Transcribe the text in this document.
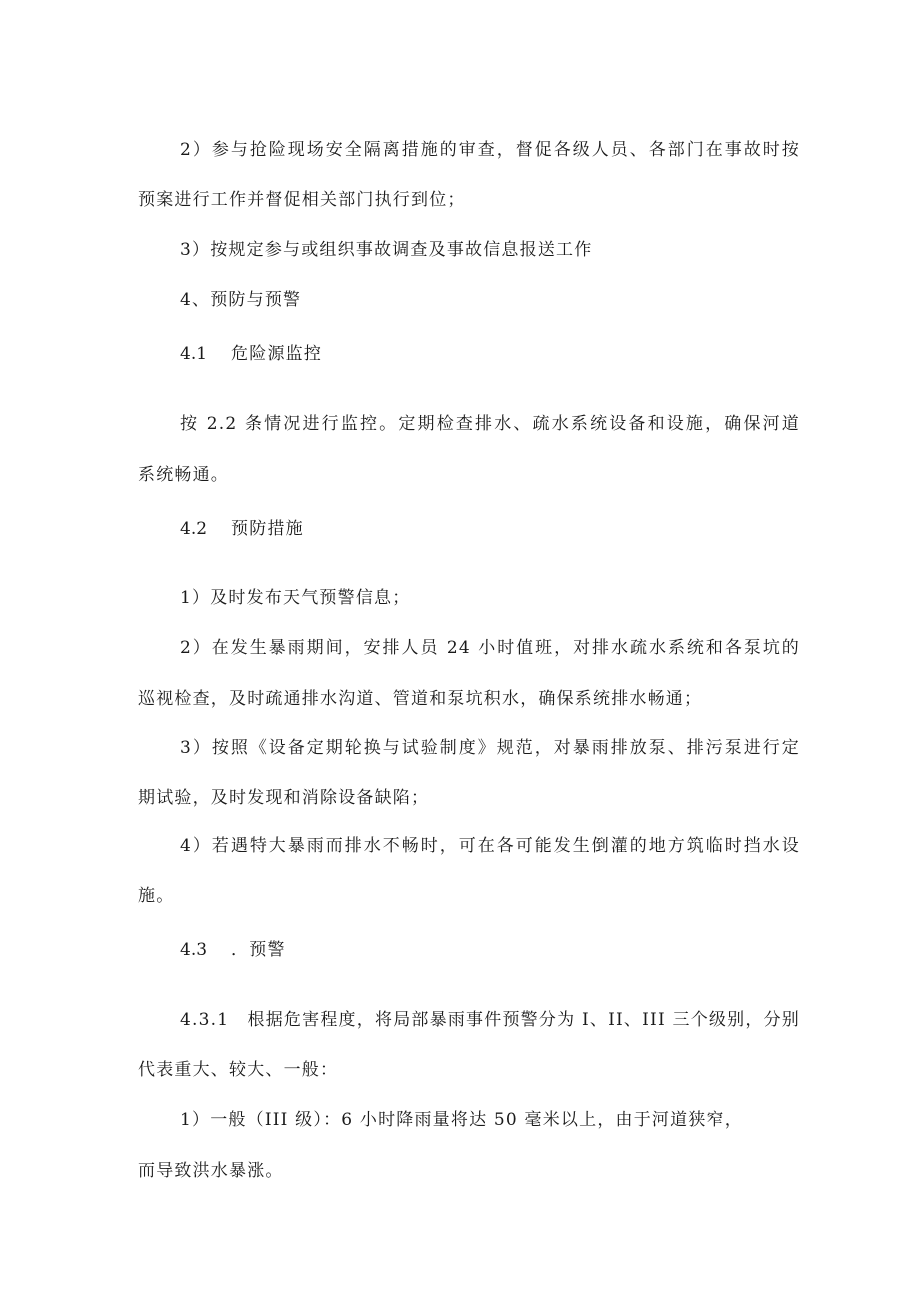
2）参与抢险现场安全隔离措施的审查，督促各级人员、各部门在事故时按
预案进行工作并督促相关部门执行到位；
3）按规定参与或组织事故调查及事故信息报送工作
4、预防与预警
4.1 危险源监控
按 2.2 条情况进行监控。定期检查排水、疏水系统设备和设施，确保河道
系统畅通。
4.2 预防措施
1）及时发布天气预警信息；
2）在发生暴雨期间，安排人员 24 小时值班，对排水疏水系统和各泵坑的
巡视检查，及时疏通排水沟道、管道和泵坑积水，确保系统排水畅通；
3）按照《设备定期轮换与试验制度》规范，对暴雨排放泵、排污泵进行定
期试验，及时发现和消除设备缺陷；
4）若遇特大暴雨而排水不畅时，可在各可能发生倒灌的地方筑临时挡水设
施。
4.3 ．预警
4.3.1　根据危害程度，将局部暴雨事件预警分为 I、II、III 三个级别，分别
代表重大、较大、一般：
1）一般（III 级）：6 小时降雨量将达 50 毫米以上，由于河道狭窄，
而导致洪水暴涨。
